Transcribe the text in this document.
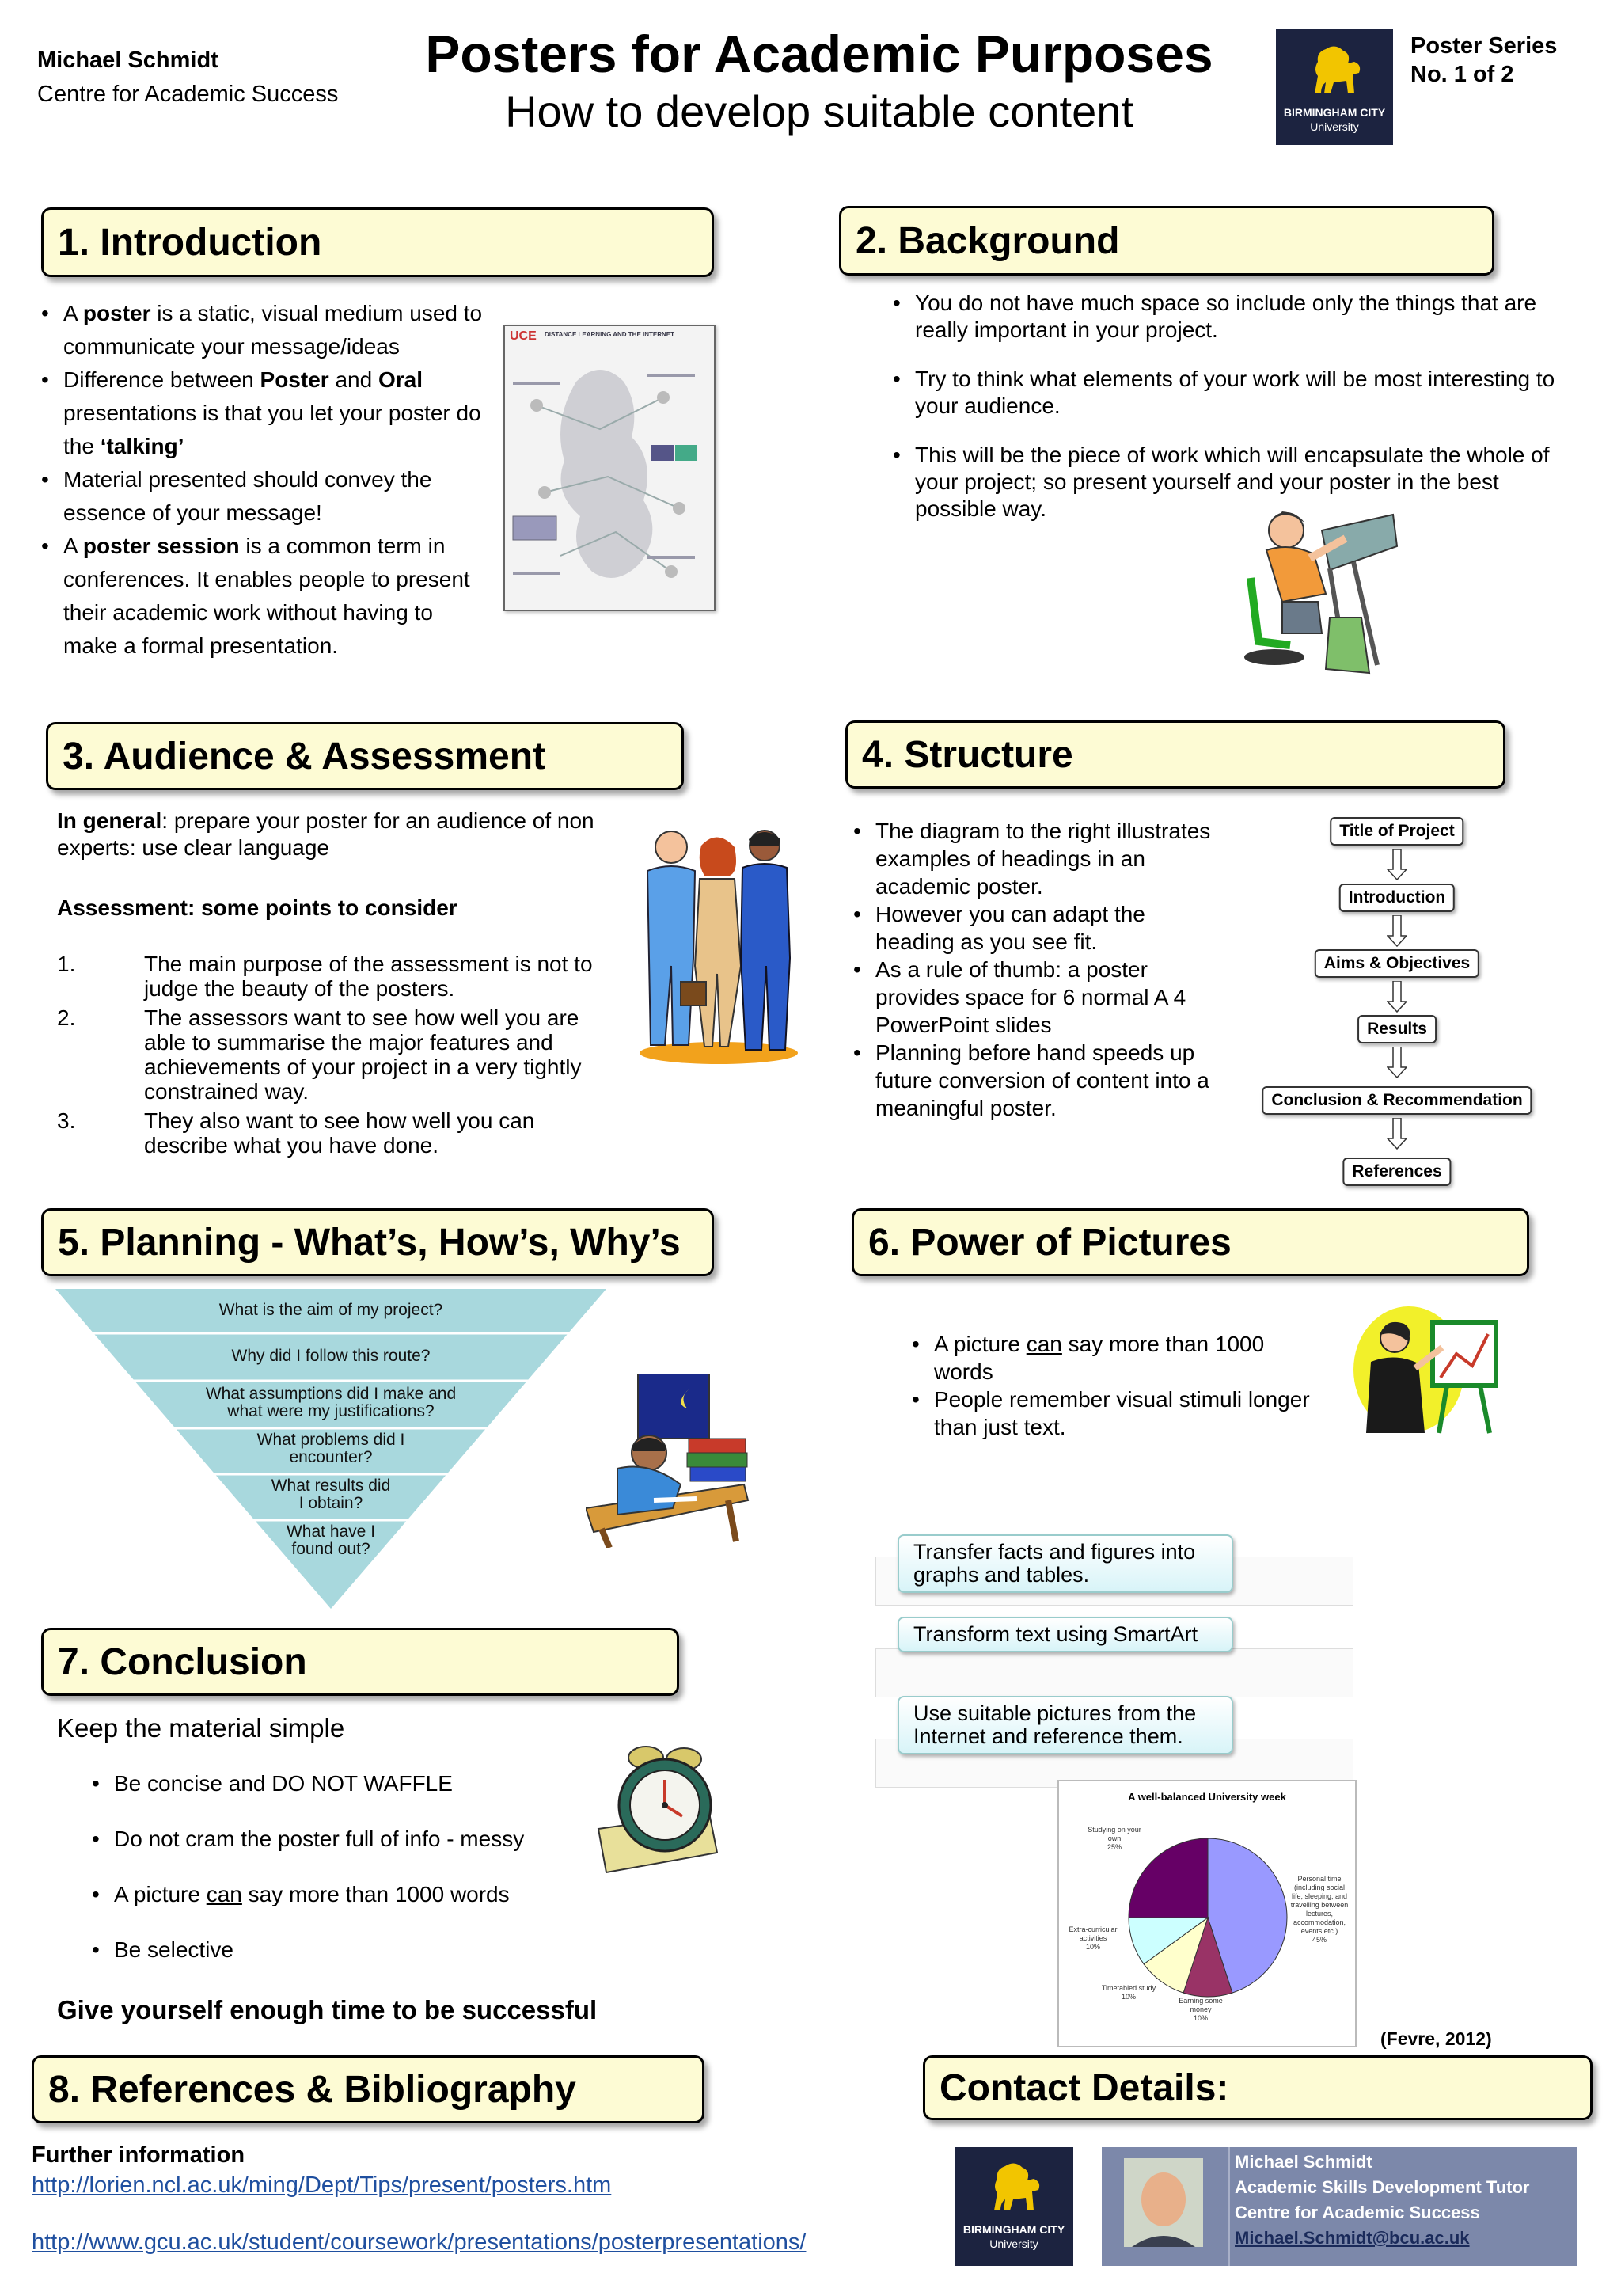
Michael Schmidt
Centre for Academic Success
Posters for Academic Purposes
How to develop suitable content	BIRMINGHAM CITY
University
Poster Series
No. 1 of 2
1. Introduction
• A poster is a static, visual medium used to communicate your message/ideas
• Difference between Poster and Oral presentations is that you let your poster do the ‘talking’
• Material presented should convey the essence of your message!
• A poster session is a common term in conferences. It enables people to present their academic work without having to make a formal presentation.
UCE DISTANCE LEARNING AND THE INTERNET
2. Background
• You do not have much space so include only the things that are really important in your project.
• Try to think what elements of your work will be most interesting to your audience.
• This will be the piece of work which will encapsulate the whole of your project; so present yourself and your poster in the best possible way.
3. Audience & Assessment
In general: prepare your poster for an audience of non experts: use clear language
Assessment: some points to consider
1.	The main purpose of the assessment is not to judge the beauty of the posters.
2.	The assessors want to see how well you are able to summarise the major features and achievements of your project in a very tightly constrained way.
3.	They also want to see how well you can describe what you have done.
4. Structure
• The diagram to the right illustrates examples of headings in an academic poster.
• However you can adapt the heading as you see fit.
• As a rule of thumb: a poster provides space for 6 normal A 4 PowerPoint slides
• Planning before hand speeds up future conversion of content into a meaningful poster.
Title of Project
Introduction
Aims & Objectives
Results
Conclusion & Recommendation
References
5. Planning - What’s, How’s, Why’s
What is the aim of my project?
Why did I follow this route?
What assumptions did I make and what were my justifications?
What problems did I encounter?
What results did I obtain?
What have I found out?
6. Power of Pictures
• A picture can say more than 1000 words
• People remember visual stimuli longer than just text.
Transfer facts and figures into graphs and tables.
Transform text using SmartArt
Use suitable pictures from the Internet and reference them.
A well-balanced University week
Studying on your own
25%
Personal time (including social life, sleeping, and travelling between lectures, accommodation, events etc.)
45%
Extra-curricular activities
10%
Timetabled study
10%	Earning some money
10%
(Fevre, 2012)
7. Conclusion
Keep the material simple
• Be concise and DO NOT WAFFLE
• Do not cram the poster full of info - messy
• A picture can say more than 1000 words
• Be selective
Give yourself enough time to be successful
8. References & Bibliography
Further information
http://lorien.ncl.ac.uk/ming/Dept/Tips/present/posters.htm
http://www.gcu.ac.uk/student/coursework/presentations/posterpresentations/
Contact Details:
BIRMINGHAM CITY
University
Michael Schmidt
Academic Skills Development Tutor
Centre for Academic Success
Michael.Schmidt@bcu.ac.uk
